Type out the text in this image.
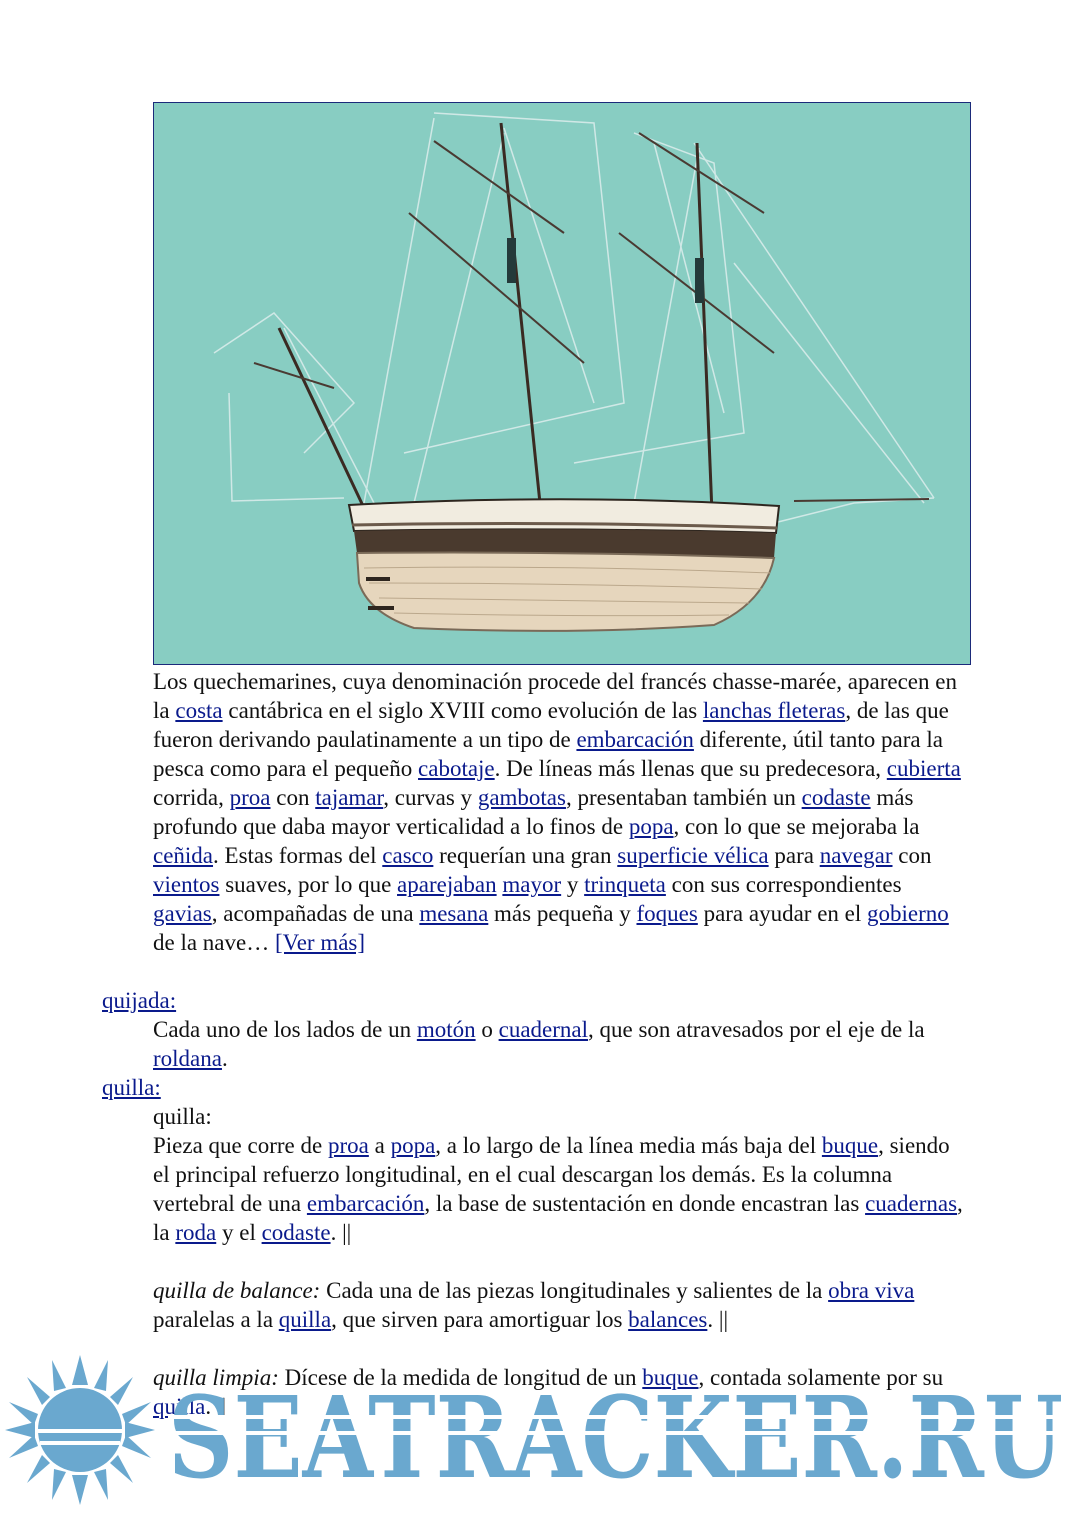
Los quechemarines, cuya denominación procede del francés chasse-marée, aparecen en la costa cantábrica en el siglo XVIII como evolución de las lanchas fleteras, de las que fueron derivando paulatinamente a un tipo de embarcación diferente, útil tanto para la pesca como para el pequeño cabotaje. De líneas más llenas que su predecesora, cubierta corrida, proa con tajamar, curvas y gambotas, presentaban también un codaste más profundo que daba mayor verticalidad a lo finos de popa, con lo que se mejoraba la ceñida. Estas formas del casco requerían una gran superficie vélica para navegar con vientos suaves, por lo que aparejaban mayor y trinqueta con sus correspondientes gavias, acompañadas de una mesana más pequeña y foques para ayudar en el gobierno de la nave… [Ver más]
quijada:
Cada uno de los lados de un motón o cuadernal, que son atravesados por el eje de la roldana.
quilla:
quilla:
Pieza que corre de proa a popa, a lo largo de la línea media más baja del buque, siendo el principal refuerzo longitudinal, en el cual descargan los demás. Es la columna vertebral de una embarcación, la base de sustentación en donde encastran las cuadernas, la roda y el codaste. ||
quilla de balance: Cada una de las piezas longitudinales y salientes de la obra viva paralelas a la quilla, que sirven para amortiguar los balances. ||
quilla limpia: Dícese de la medida de longitud de un buque, contada solamente por su quilla. ||
SEATRACKER.RU
